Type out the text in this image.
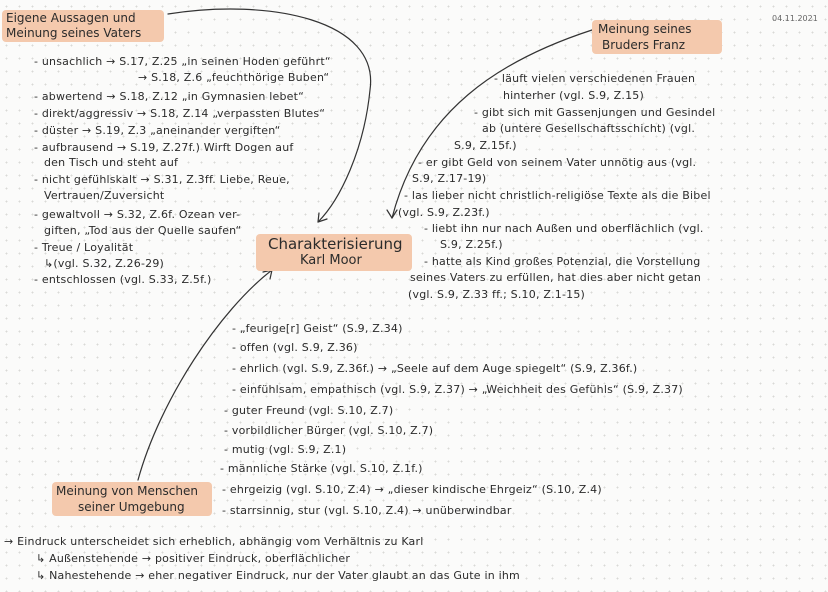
04.11.2021
Charakterisierung
Karl Moor
Eigene Aussagen und
Meinung seines Vaters
- unsachlich → S.17, Z.25 „in seinen Hoden geführt“
→ S.18, Z.6 „feuchthörige Buben“
- abwertend → S.18, Z.12 „in Gymnasien lebet“
- direkt/aggressiv → S.18, Z.14 „verpassten Blutes“
- düster → S.19, Z.3 „aneinander vergiften“
- aufbrausend → S.19, Z.27f.) Wirft Dogen auf
den Tisch und steht auf
- nicht gefühlskalt → S.31, Z.3ff. Liebe, Reue,
Vertrauen/Zuversicht
- gewaltvoll → S.32, Z.6f. Ozean ver-
giften, „Tod aus der Quelle saufen“
- Treue / Loyalität
↳(vgl. S.32, Z.26-29)
- entschlossen (vgl. S.33, Z.5f.)
Meinung seines
Bruders Franz
- läuft vielen verschiedenen Frauen
hinterher (vgl. S.9, Z.15)
- gibt sich mit Gassenjungen und Gesindel
ab (untere Gesellschaftsschicht) (vgl.
S.9, Z.15f.)
- er gibt Geld von seinem Vater unnötig aus (vgl.
S.9, Z.17-19)
- las lieber nicht christlich-religiöse Texte als die Bibel
(vgl. S.9, Z.23f.)
- liebt ihn nur nach Außen und oberflächlich (vgl.
S.9, Z.25f.)
- hatte als Kind großes Potenzial, die Vorstellung
seines Vaters zu erfüllen, hat dies aber nicht getan
(vgl. S.9, Z.33 ff.; S.10, Z.1-15)
- „feurige[r] Geist“ (S.9, Z.34)
- offen (vgl. S.9, Z.36)
- ehrlich (vgl. S.9, Z.36f.) → „Seele auf dem Auge spiegelt“ (S.9, Z.36f.)
- einfühlsam, empathisch (vgl. S.9, Z.37) → „Weichheit des Gefühls“ (S.9, Z.37)
- guter Freund (vgl. S.10, Z.7)
- vorbildlicher Bürger (vgl. S.10, Z.7)
- mutig (vgl. S.9, Z.1)
- männliche Stärke (vgl. S.10, Z.1f.)
- ehrgeizig (vgl. S.10, Z.4) → „dieser kindische Ehrgeiz“ (S.10, Z.4)
- starrsinnig, stur (vgl. S.10, Z.4) → unüberwindbar
Meinung von Menschen
seiner Umgebung
→ Eindruck unterscheidet sich erheblich, abhängig vom Verhältnis zu Karl
↳ Außenstehende → positiver Eindruck, oberflächlicher
↳ Nahestehende → eher negativer Eindruck, nur der Vater glaubt an das Gute in ihm
